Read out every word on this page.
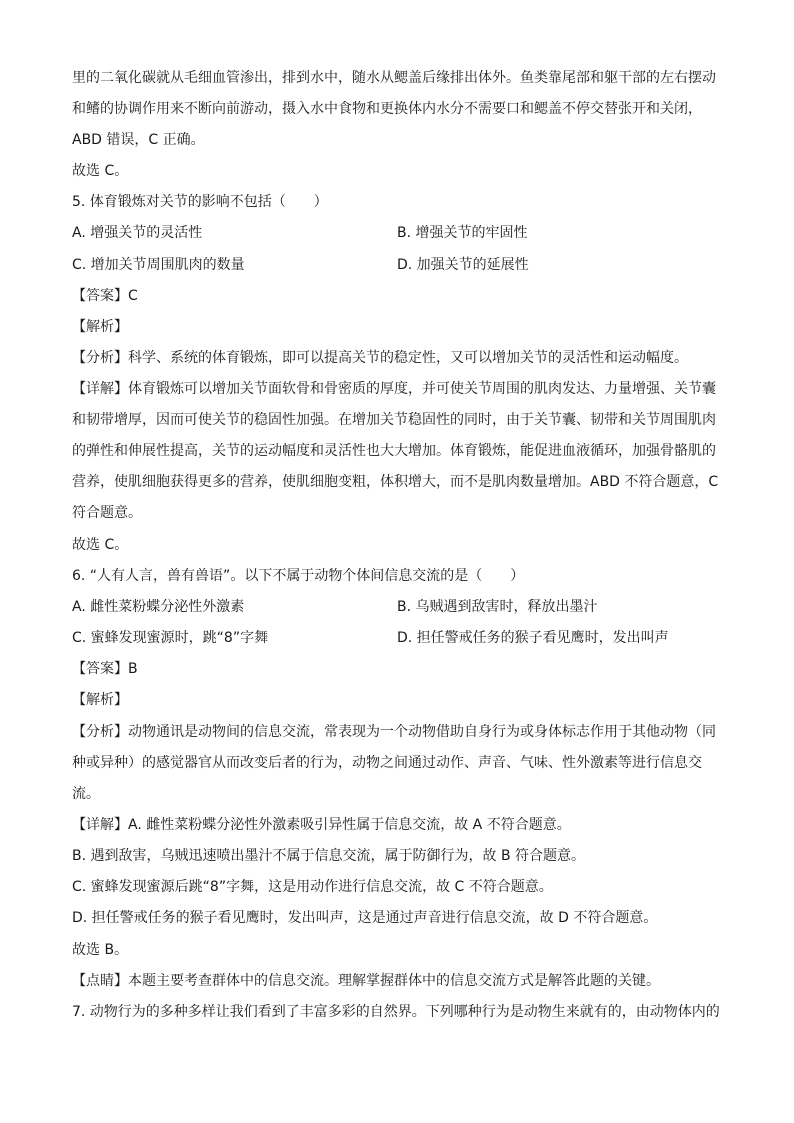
里的二氧化碳就从毛细血管渗出，排到水中，随水从鳃盖后缘排出体外。鱼类靠尾部和躯干部的左右摆动
和鳍的协调作用来不断向前游动，摄入水中食物和更换体内水分不需要口和鳃盖不停交替张开和关闭，
ABD 错误，C 正确。
故选 C。
5. 体育锻炼对关节的影响不包括（　　）
A. 增强关节的灵活性	B. 增强关节的牢固性
C. 增加关节周围肌肉的数量	D. 加强关节的延展性
【答案】C
【解析】
【分析】科学、系统的体育锻炼，即可以提高关节的稳定性，又可以增加关节的灵活性和运动幅度。
【详解】体育锻炼可以增加关节面软骨和骨密质的厚度，并可使关节周围的肌肉发达、力量增强、关节囊
和韧带增厚，因而可使关节的稳固性加强。在增加关节稳固性的同时，由于关节囊、韧带和关节周围肌肉
的弹性和伸展性提高，关节的运动幅度和灵活性也大大增加。体育锻炼，能促进血液循环，加强骨骼肌的
营养，使肌细胞获得更多的营养，使肌细胞变粗，体积增大，而不是肌肉数量增加。ABD 不符合题意，C
符合题意。
故选 C。
6. “人有人言，兽有兽语”。以下不属于动物个体间信息交流的是（　　）
A. 雌性菜粉蝶分泌性外激素	B. 乌贼遇到敌害时，释放出墨汁
C. 蜜蜂发现蜜源时，跳“8”字舞	D. 担任警戒任务的猴子看见鹰时，发出叫声
【答案】B
【解析】
【分析】动物通讯是动物间的信息交流，常表现为一个动物借助自身行为或身体标志作用于其他动物（同
种或异种）的感觉器官从而改变后者的行为，动物之间通过动作、声音、气味、性外激素等进行信息交
流。
【详解】A. 雌性菜粉蝶分泌性外激素吸引异性属于信息交流，故 A 不符合题意。
B. 遇到敌害，乌贼迅速喷出墨汁不属于信息交流，属于防御行为，故 B 符合题意。
C. 蜜蜂发现蜜源后跳“8”字舞，这是用动作进行信息交流，故 C 不符合题意。
D. 担任警戒任务的猴子看见鹰时，发出叫声，这是通过声音进行信息交流，故 D 不符合题意。
故选 B。
【点睛】本题主要考查群体中的信息交流。理解掌握群体中的信息交流方式是解答此题的关键。
7. 动物行为的多种多样让我们看到了丰富多彩的自然界。下列哪种行为是动物生来就有的，由动物体内的
